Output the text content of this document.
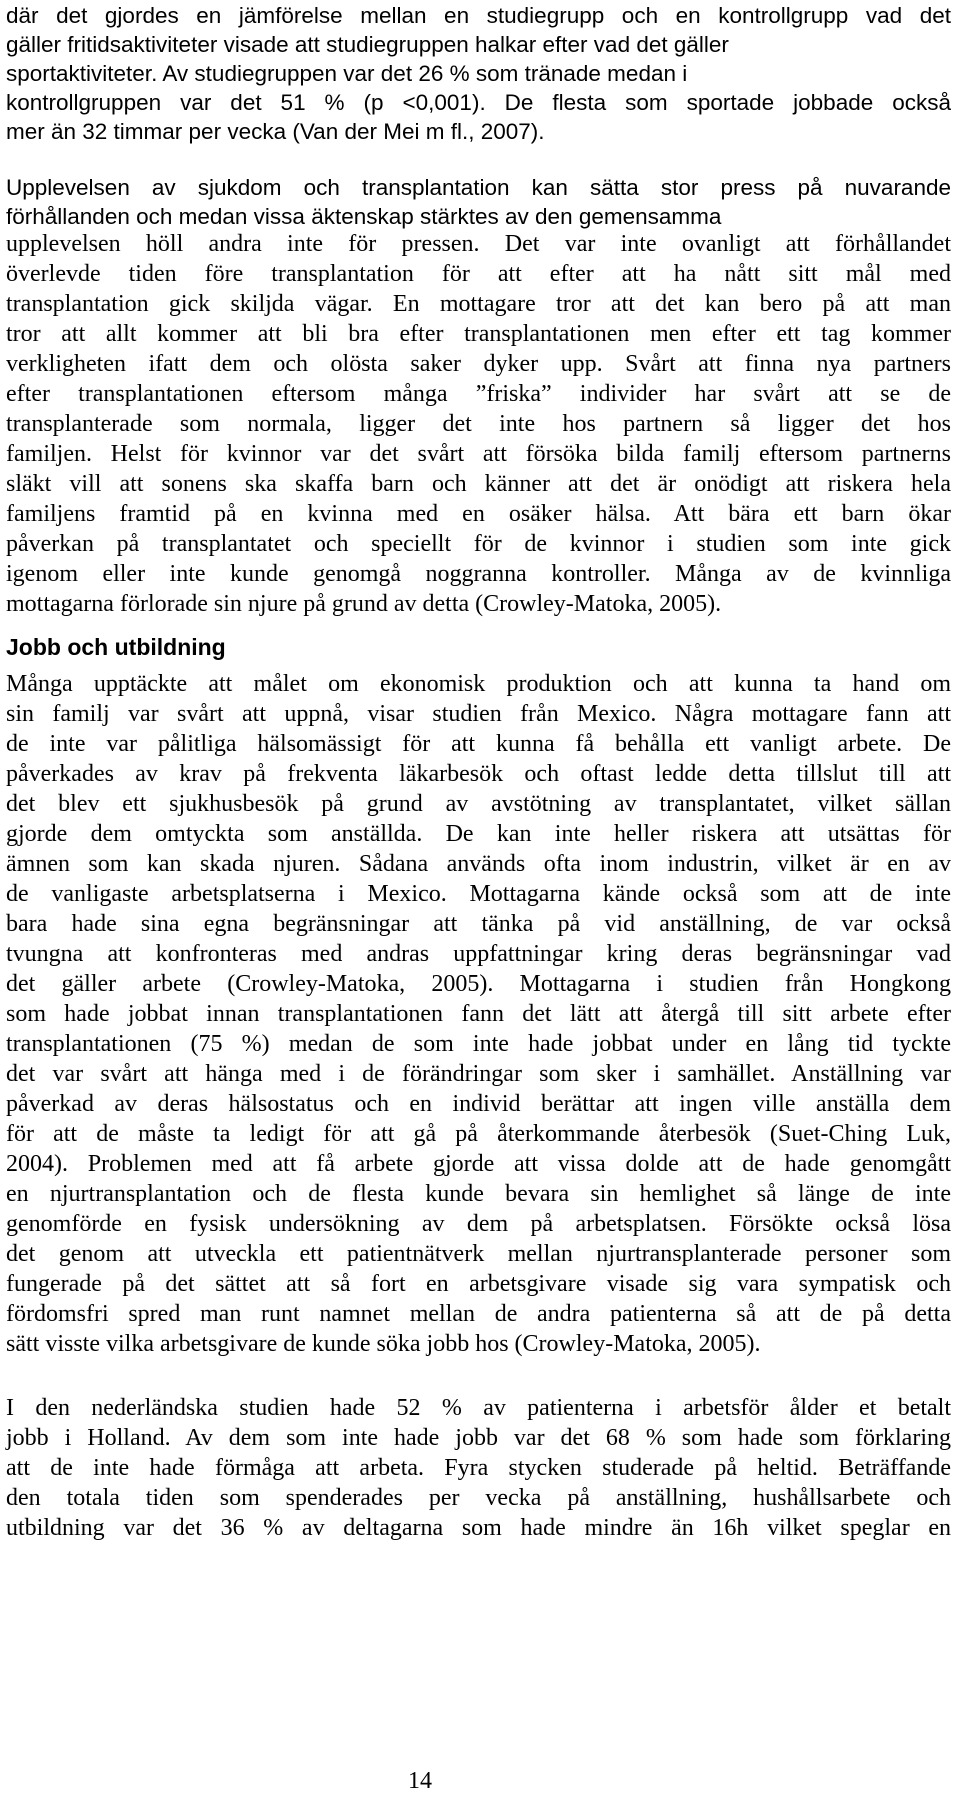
där det gjordes en jämförelse mellan en studiegrupp och en kontrollgrupp vad det
gäller fritidsaktiviteter visade att studiegruppen halkar efter vad det gäller
sportaktiviteter. Av studiegruppen var det 26 % som tränade medan i
kontrollgruppen var det 51 % (p <0,001). De flesta som sportade jobbade också
mer än 32 timmar per vecka (Van der Mei m fl., 2007).
Upplevelsen av sjukdom och transplantation kan sätta stor press på nuvarande
förhållanden och medan vissa äktenskap stärktes av den gemensamma
upplevelsen höll andra inte för pressen. Det var inte ovanligt att förhållandet
överlevde tiden före transplantation för att efter att ha nått sitt mål med
transplantation gick skiljda vägar. En mottagare tror att det kan bero på att man
tror att allt kommer att bli bra efter transplantationen men efter ett tag kommer
verkligheten ifatt dem och olösta saker dyker upp. Svårt att finna nya partners
efter transplantationen eftersom många ”friska” individer har svårt att se de
transplanterade som normala, ligger det inte hos partnern så ligger det hos
familjen. Helst för kvinnor var det svårt att försöka bilda familj eftersom partnerns
släkt vill att sonens ska skaffa barn och känner att det är onödigt att riskera hela
familjens framtid på en kvinna med en osäker hälsa. Att bära ett barn ökar
påverkan på transplantatet och speciellt för de kvinnor i studien som inte gick
igenom eller inte kunde genomgå noggranna kontroller. Många av de kvinnliga
mottagarna förlorade sin njure på grund av detta (Crowley-Matoka, 2005).
Jobb och utbildning
Många upptäckte att målet om ekonomisk produktion och att kunna ta hand om
sin familj var svårt att uppnå, visar studien från Mexico. Några mottagare fann att
de inte var pålitliga hälsomässigt för att kunna få behålla ett vanligt arbete. De
påverkades av krav på frekventa läkarbesök och oftast ledde detta tillslut till att
det blev ett sjukhusbesök på grund av avstötning av transplantatet, vilket sällan
gjorde dem omtyckta som anställda. De kan inte heller riskera att utsättas för
ämnen som kan skada njuren. Sådana används ofta inom industrin, vilket är en av
de vanligaste arbetsplatserna i Mexico. Mottagarna kände också som att de inte
bara hade sina egna begränsningar att tänka på vid anställning, de var också
tvungna att konfronteras med andras uppfattningar kring deras begränsningar vad
det gäller arbete (Crowley-Matoka, 2005). Mottagarna i studien från Hongkong
som hade jobbat innan transplantationen fann det lätt att återgå till sitt arbete efter
transplantationen (75 %) medan de som inte hade jobbat under en lång tid tyckte
det var svårt att hänga med i de förändringar som sker i samhället. Anställning var
påverkad av deras hälsostatus och en individ berättar att ingen ville anställa dem
för att de måste ta ledigt för att gå på återkommande återbesök (Suet-Ching Luk,
2004). Problemen med att få arbete gjorde att vissa dolde att de hade genomgått
en njurtransplantation och de flesta kunde bevara sin hemlighet så länge de inte
genomförde en fysisk undersökning av dem på arbetsplatsen. Försökte också lösa
det genom att utveckla ett patientnätverk mellan njurtransplanterade personer som
fungerade på det sättet att så fort en arbetsgivare visade sig vara sympatisk och
fördomsfri spred man runt namnet mellan de andra patienterna så att de på detta
sätt visste vilka arbetsgivare de kunde söka jobb hos (Crowley-Matoka, 2005).
I den nederländska studien hade 52 % av patienterna i arbetsför ålder et betalt
jobb i Holland. Av dem som inte hade jobb var det 68 % som hade som förklaring
att de inte hade förmåga att arbeta. Fyra stycken studerade på heltid. Beträffande
den totala tiden som spenderades per vecka på anställning, hushållsarbete och
utbildning var det 36 % av deltagarna som hade mindre än 16h vilket speglar en
14
